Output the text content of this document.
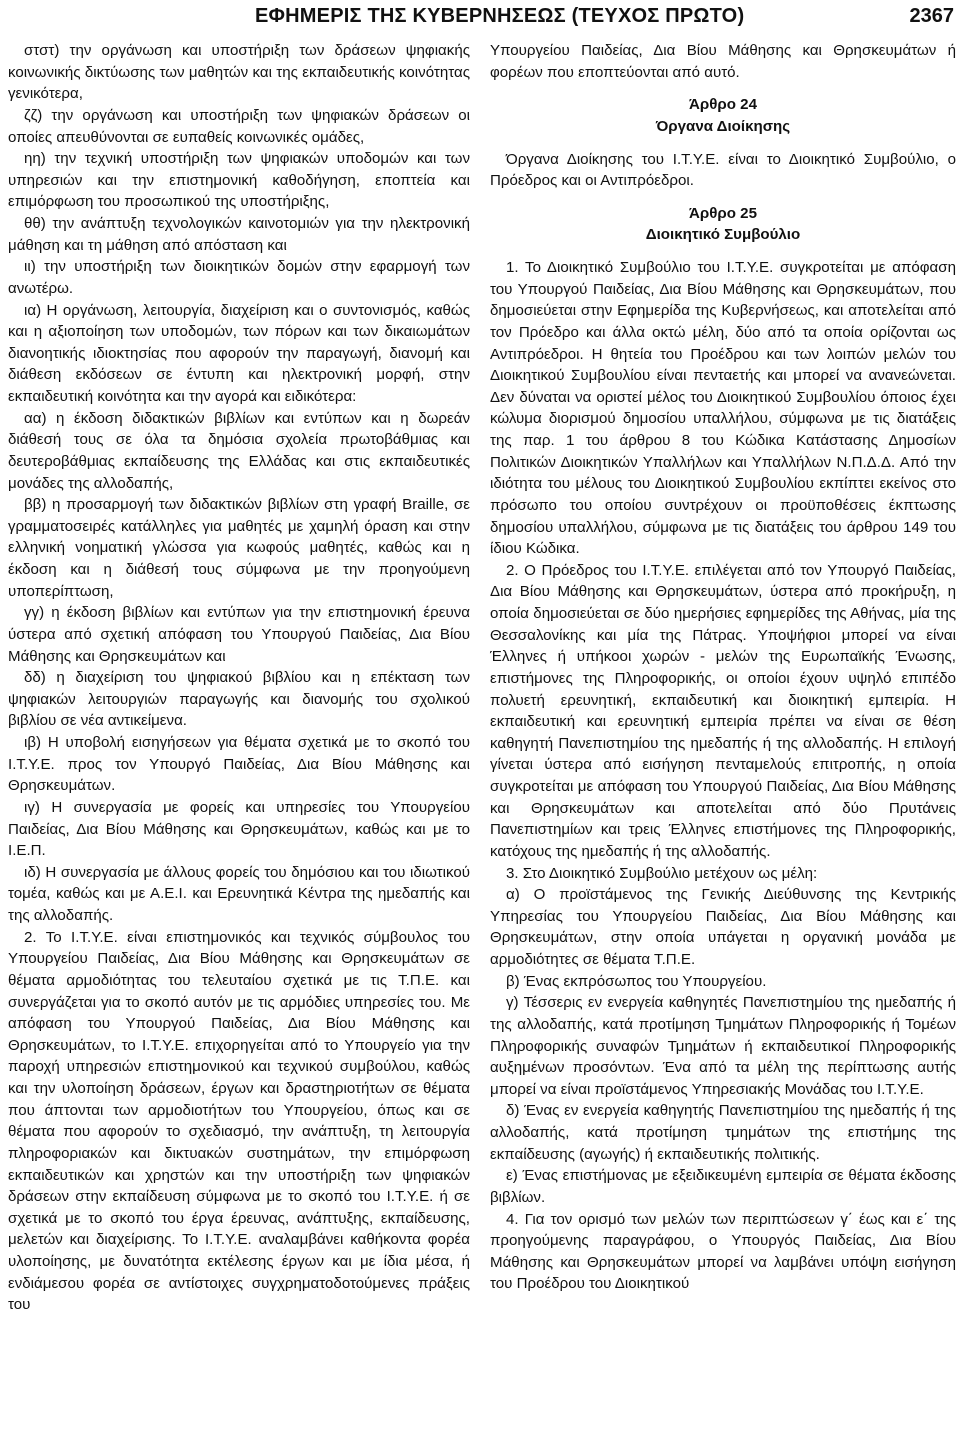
ΕΦΗΜΕΡΙΣ ΤΗΣ ΚΥΒΕΡΝΗΣΕΩΣ (ΤΕΥΧΟΣ ΠΡΩΤΟ)	2367

στστ) την οργάνωση και υποστήριξη των δράσεων ψηφιακής κοινωνικής δικτύωσης των μαθητών και της εκπαιδευτικής κοινότητας γενικότερα,

ζζ) την οργάνωση και υποστήριξη των ψηφιακών δράσεων οι οποίες απευθύνονται σε ευπαθείς κοινωνικές ομάδες,

ηη) την τεχνική υποστήριξη των ψηφιακών υποδομών και των υπηρεσιών και την επιστημονική καθοδήγηση, εποπτεία και επιμόρφωση του προσωπικού της υποστήριξης,

θθ) την ανάπτυξη τεχνολογικών καινοτομιών για την ηλεκτρονική μάθηση και τη μάθηση από απόσταση και

ιι) την υποστήριξη των διοικητικών δομών στην εφαρμογή των ανωτέρω.

ια) Η οργάνωση, λειτουργία, διαχείριση και ο συντονισμός, καθώς και η αξιοποίηση των υποδομών, των πόρων και των δικαιωμάτων διανοητικής ιδιοκτησίας που αφορούν την παραγωγή, διανομή και διάθεση εκδόσεων σε έντυπη και ηλεκτρονική μορφή, στην εκπαιδευτική κοινότητα και την αγορά και ειδικότερα:

αα) η έκδοση διδακτικών βιβλίων και εντύπων και η δωρεάν διάθεσή τους σε όλα τα δημόσια σχολεία πρωτοβάθμιας και δευτεροβάθμιας εκπαίδευσης της Ελλάδας και στις εκπαιδευτικές μονάδες της αλλοδαπής,

ββ) η προσαρμογή των διδακτικών βιβλίων στη γραφή Braille, σε γραμματοσειρές κατάλληλες για μαθητές με χαμηλή όραση και στην ελληνική νοηματική γλώσσα για κωφούς μαθητές, καθώς και η έκδοση και η διάθεσή τους σύμφωνα με την προηγούμενη υποπερίπτωση,

γγ) η έκδοση βιβλίων και εντύπων για την επιστημονική έρευνα ύστερα από σχετική απόφαση του Υπουργού Παιδείας, Δια Βίου Μάθησης και Θρησκευμάτων και

δδ) η διαχείριση του ψηφιακού βιβλίου και η επέκταση των ψηφιακών λειτουργιών παραγωγής και διανομής του σχολικού βιβλίου σε νέα αντικείμενα.

ιβ) Η υποβολή εισηγήσεων για θέματα σχετικά με το σκοπό του Ι.Τ.Υ.Ε. προς τον Υπουργό Παιδείας, Δια Βίου Μάθησης και Θρησκευμάτων.

ιγ) Η συνεργασία με φορείς και υπηρεσίες του Υπουργείου Παιδείας, Δια Βίου Μάθησης και Θρησκευμάτων, καθώς και με το Ι.Ε.Π.

ιδ) Η συνεργασία με άλλους φορείς του δημόσιου και του ιδιωτικού τομέα, καθώς και με Α.Ε.Ι. και Ερευνητικά Κέντρα της ημεδαπής και της αλλοδαπής.

2. Το Ι.Τ.Υ.Ε. είναι επιστημονικός και τεχνικός σύμβουλος του Υπουργείου Παιδείας, Δια Βίου Μάθησης και Θρησκευμάτων σε θέματα αρμοδιότητας του τελευταίου σχετικά με τις Τ.Π.Ε. και συνεργάζεται για το σκοπό αυτόν με τις αρμόδιες υπηρεσίες του. Με απόφαση του Υπουργού Παιδείας, Δια Βίου Μάθησης και Θρησκευμάτων, το Ι.Τ.Υ.Ε. επιχορηγείται από το Υπουργείο για την παροχή υπηρεσιών επιστημονικού και τεχνικού συμβούλου, καθώς και την υλοποίηση δράσεων, έργων και δραστηριοτήτων σε θέματα που άπτονται των αρμοδιοτήτων του Υπουργείου, όπως και σε θέματα που αφορούν το σχεδιασμό, την ανάπτυξη, τη λειτουργία πληροφοριακών και δικτυακών συστημάτων, την επιμόρφωση εκπαιδευτικών και χρηστών και την υποστήριξη των ψηφιακών δράσεων στην εκπαίδευση σύμφωνα με το σκοπό του Ι.Τ.Υ.Ε. ή σε σχετικά με το σκοπό του έργα έρευνας, ανάπτυξης, εκπαίδευσης, μελετών και διαχείρισης. Το Ι.Τ.Υ.Ε. αναλαμβάνει καθήκοντα φορέα υλοποίησης, με δυνατότητα εκτέλεσης έργων και με ίδια μέσα, ή ενδιάμεσου φορέα σε αντίστοιχες συγχρηματοδοτούμενες πράξεις του

Υπουργείου Παιδείας, Δια Βίου Μάθησης και Θρησκευμάτων ή φορέων που εποπτεύονται από αυτό.

Άρθρο 24

Όργανα Διοίκησης

Όργανα Διοίκησης του Ι.Τ.Υ.Ε. είναι το Διοικητικό Συμβούλιο, ο Πρόεδρος και οι Αντιπρόεδροι.

Άρθρο 25

Διοικητικό Συμβούλιο

1. Το Διοικητικό Συμβούλιο του Ι.Τ.Υ.Ε. συγκροτείται με απόφαση του Υπουργού Παιδείας, Δια Βίου Μάθησης και Θρησκευμάτων, που δημοσιεύεται στην Εφημερίδα της Κυβερνήσεως, και αποτελείται από τον Πρόεδρο και άλλα οκτώ μέλη, δύο από τα οποία ορίζονται ως Αντιπρόεδροι. Η θητεία του Προέδρου και των λοιπών μελών του Διοικητικού Συμβουλίου είναι πενταετής και μπορεί να ανανεώνεται. Δεν δύναται να οριστεί μέλος του Διοικητικού Συμβουλίου όποιος έχει κώλυμα διορισμού δημοσίου υπαλλήλου, σύμφωνα με τις διατάξεις της παρ. 1 του άρθρου 8 του Κώδικα Κατάστασης Δημοσίων Πολιτικών Διοικητικών Υπαλλήλων και Υπαλλήλων Ν.Π.Δ.Δ. Από την ιδιότητα του μέλους του Διοικητικού Συμβουλίου εκπίπτει εκείνος στο πρόσωπο του οποίου συντρέχουν οι προϋποθέσεις έκπτωσης δημοσίου υπαλλήλου, σύμφωνα με τις διατάξεις του άρθρου 149 του ίδιου Κώδικα.

2. Ο Πρόεδρος του Ι.Τ.Υ.Ε. επιλέγεται από τον Υπουργό Παιδείας, Δια Βίου Μάθησης και Θρησκευμάτων, ύστερα από προκήρυξη, η οποία δημοσιεύεται σε δύο ημερήσιες εφημερίδες της Αθήνας, μία της Θεσσαλονίκης και μία της Πάτρας. Υποψήφιοι μπορεί να είναι Έλληνες ή υπήκοοι χωρών - μελών της Ευρωπαϊκής Ένωσης, επιστήμονες της Πληροφορικής, οι οποίοι έχουν υψηλό επιπέδο πολυετή ερευνητική, εκπαιδευτική και διοικητική εμπειρία. Η εκπαιδευτική και ερευνητική εμπειρία πρέπει να είναι σε θέση καθηγητή Πανεπιστημίου της ημεδαπής ή της αλλοδαπής. Η επιλογή γίνεται ύστερα από εισήγηση πενταμελούς επιτροπής, η οποία συγκροτείται με απόφαση του Υπουργού Παιδείας, Δια Βίου Μάθησης και Θρησκευμάτων και αποτελείται από δύο Πρυτάνεις Πανεπιστημίων και τρεις Έλληνες επιστήμονες της Πληροφορικής, κατόχους της ημεδαπής ή της αλλοδαπής.

3. Στο Διοικητικό Συμβούλιο μετέχουν ως μέλη:

α) Ο προϊστάμενος της Γενικής Διεύθυνσης της Κεντρικής Υπηρεσίας του Υπουργείου Παιδείας, Δια Βίου Μάθησης και Θρησκευμάτων, στην οποία υπάγεται η οργανική μονάδα με αρμοδιότητες σε θέματα Τ.Π.Ε.

β) Ένας εκπρόσωπος του Υπουργείου.

γ) Τέσσερις εν ενεργεία καθηγητές Πανεπιστημίου της ημεδαπής ή της αλλοδαπής, κατά προτίμηση Τμημάτων Πληροφορικής ή Τομέων Πληροφορικής συναφών Τμημάτων ή εκπαιδευτικοί Πληροφορικής αυξημένων προσόντων. Ένα από τα μέλη της περίπτωσης αυτής μπορεί να είναι προϊστάμενος Υπηρεσιακής Μονάδας του Ι.Τ.Υ.Ε.

δ) Ένας εν ενεργεία καθηγητής Πανεπιστημίου της ημεδαπής ή της αλλοδαπής, κατά προτίμηση τμημάτων της επιστήμης της εκπαίδευσης (αγωγής) ή εκπαιδευτικής πολιτικής.

ε) Ένας επιστήμονας με εξειδικευμένη εμπειρία σε θέματα έκδοσης βιβλίων.

4. Για τον ορισμό των μελών των περιπτώσεων γ΄ έως και ε΄ της προηγούμενης παραγράφου, ο Υπουργός Παιδείας, Δια Βίου Μάθησης και Θρησκευμάτων μπορεί να λαμβάνει υπόψη εισήγηση του Προέδρου του Διοικητικού
